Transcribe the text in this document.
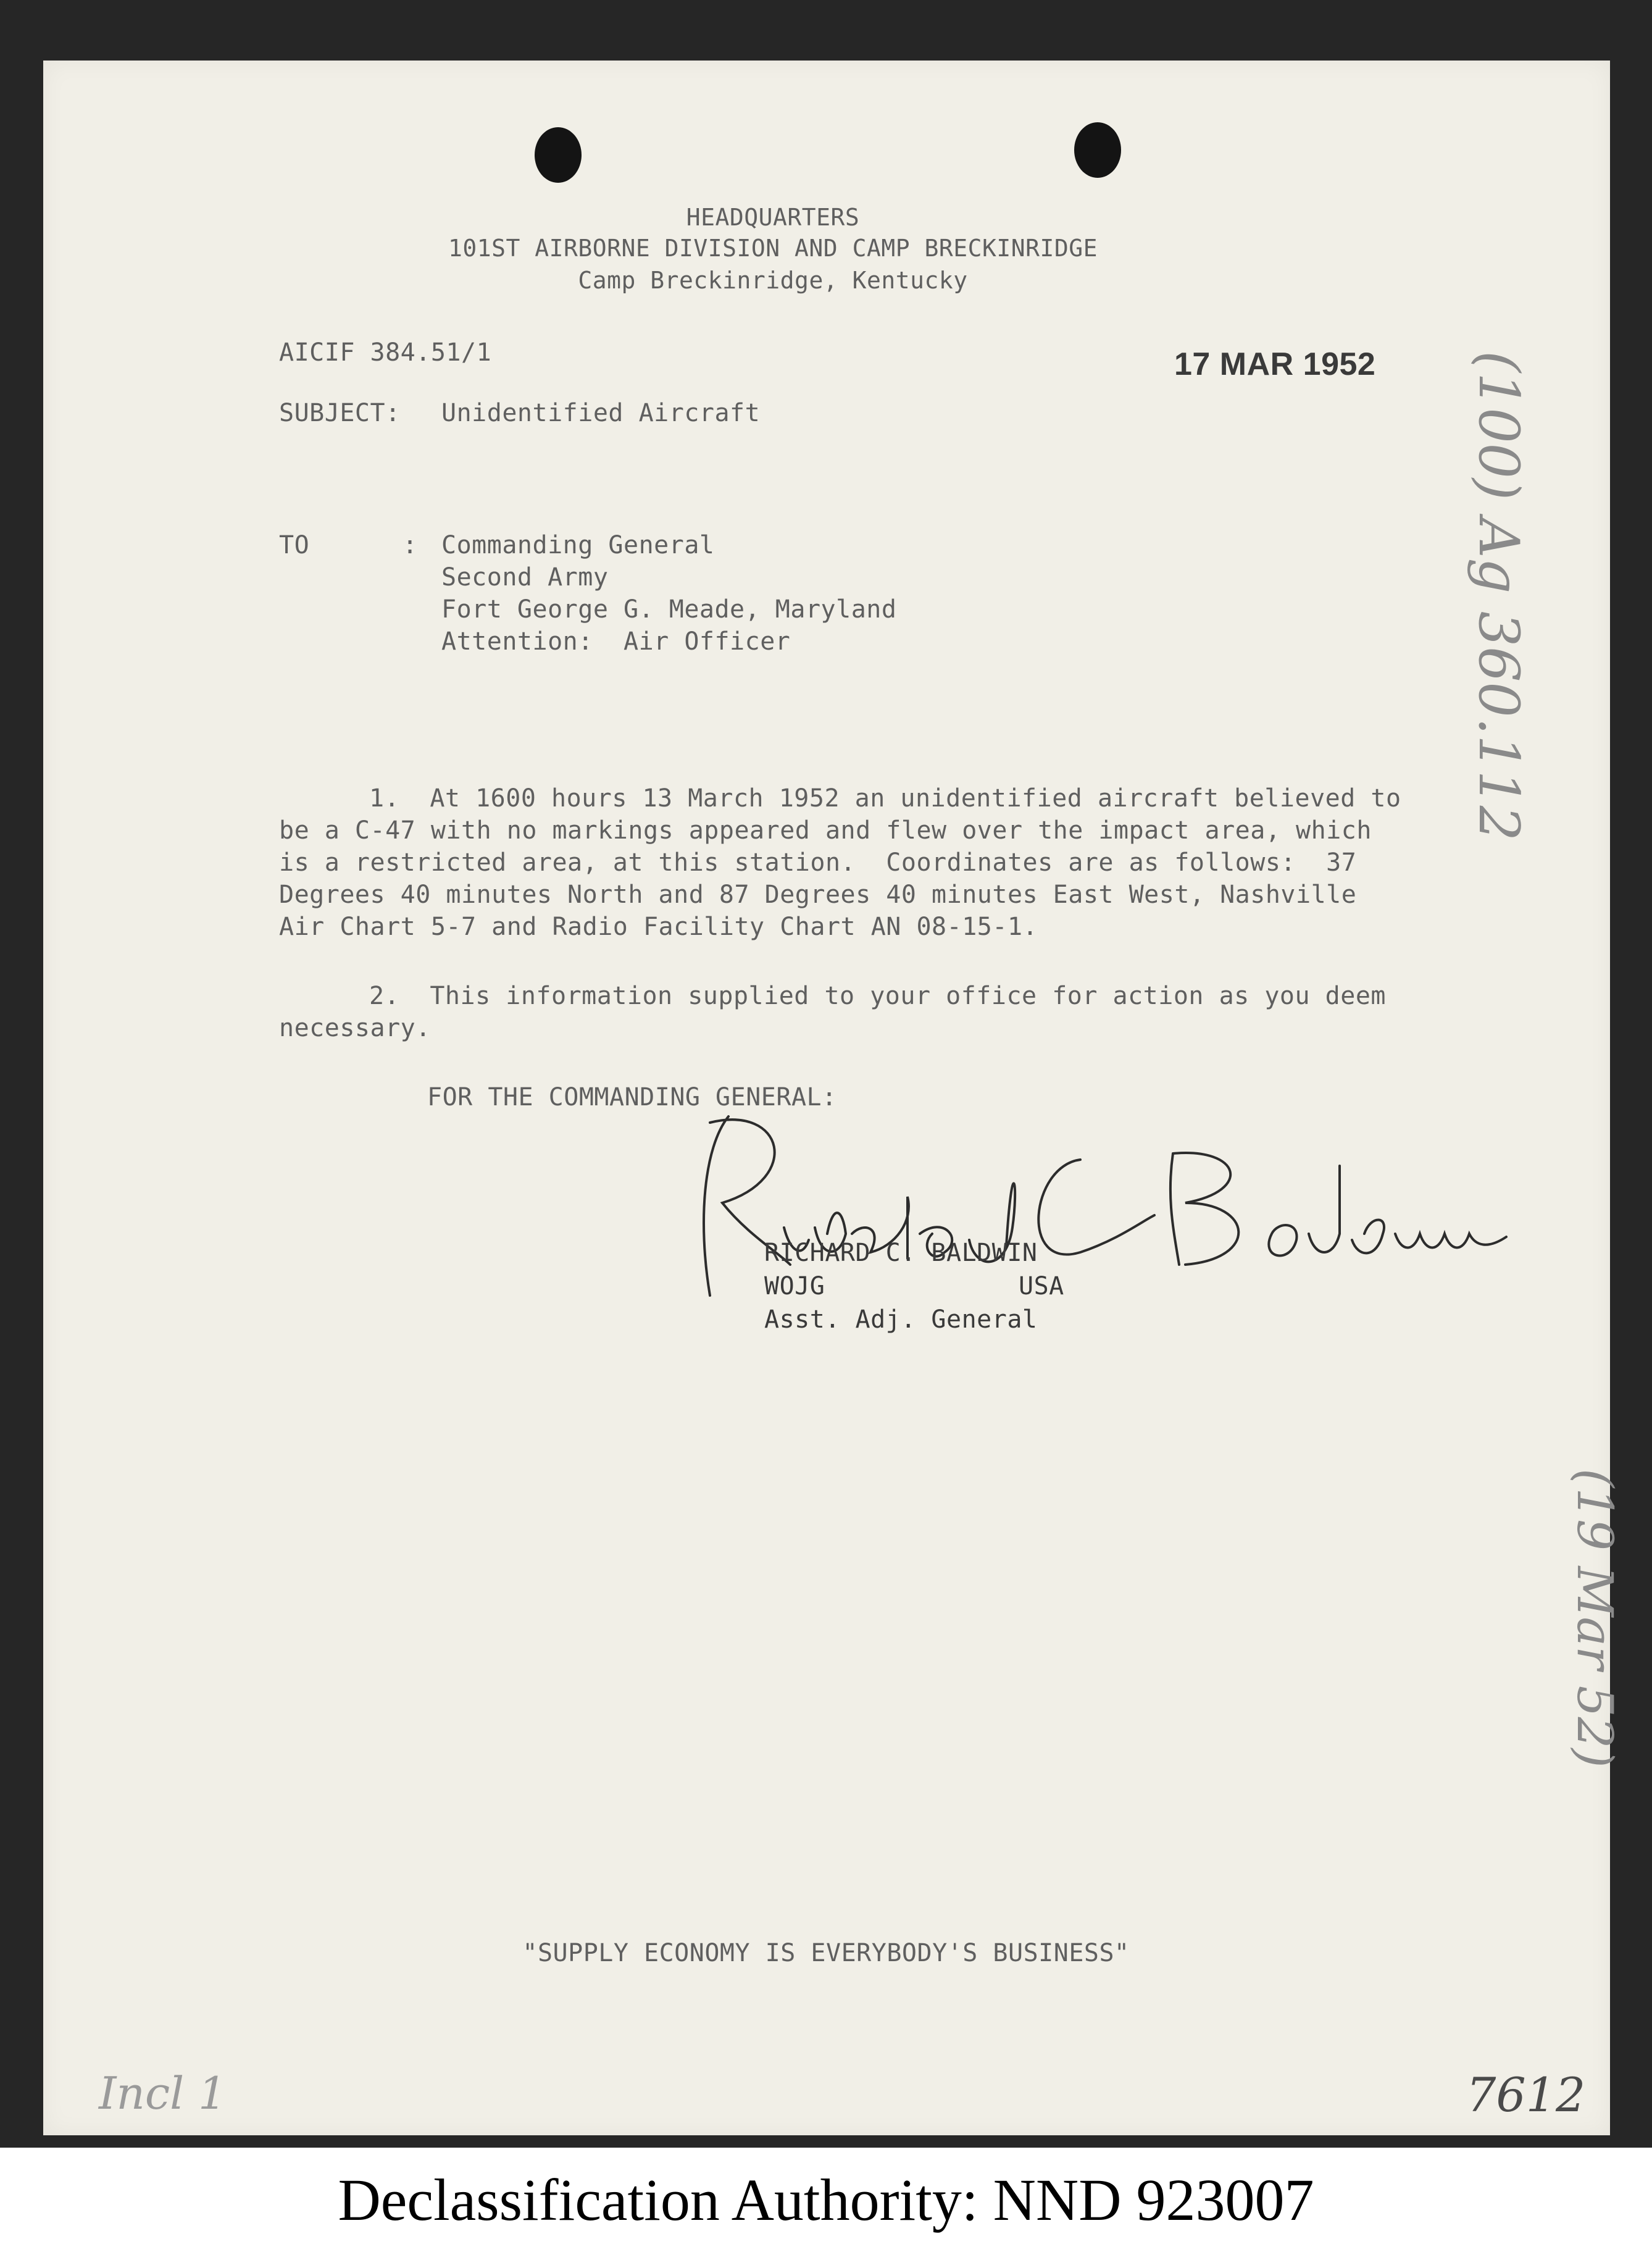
HEADQUARTERS
101ST AIRBORNE DIVISION AND CAMP BRECKINRIDGE
Camp Breckinridge, Kentucky
AICIF 384.51/1	17 MAR 1952
SUBJECT: Unidentified Aircraft
TO	: Commanding General
Second Army
Fort George G. Meade, Maryland
Attention:  Air Officer
1.  At 1600 hours 13 March 1952 an unidentified aircraft believed to
be a C-47 with no markings appeared and flew over the impact area, which
is a restricted area, at this station.  Coordinates are as follows:  37
Degrees 40 minutes North and 87 Degrees 40 minutes East West, Nashville
Air Chart 5-7 and Radio Facility Chart AN 08-15-1.
2.  This information supplied to your office for action as you deem
necessary.
FOR THE COMMANDING GENERAL:
RICHARD C. BALDWIN
WOJG	USA
Asst. Adj. General
"SUPPLY ECONOMY IS EVERYBODY'S BUSINESS"
(100) Ag 360.112
(19 Mar 52)
Incl 1	7612
Declassification Authority: NND 923007
